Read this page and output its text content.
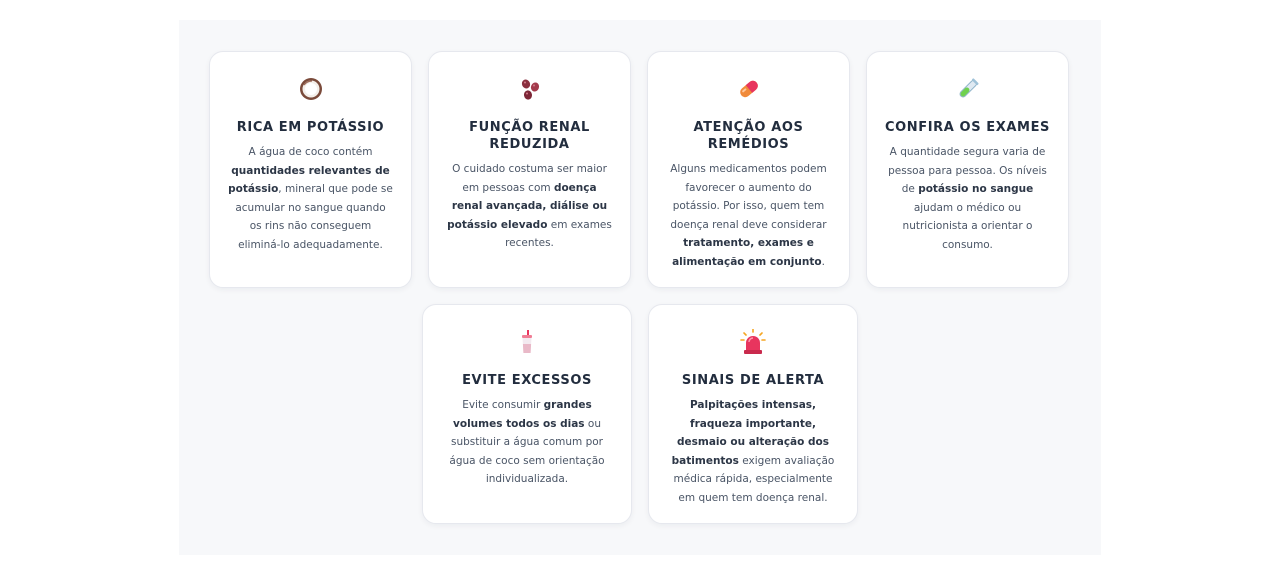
RICA EM POTÁSSIO
A água de coco contém quantidades relevantes de potássio, mineral que pode se acumular no sangue quando os rins não conseguem eliminá-lo adequadamente.
FUNÇÃO RENAL REDUZIDA
O cuidado costuma ser maior em pessoas com doença renal avançada, diálise ou potássio elevado em exames recentes.
ATENÇÃO AOS REMÉDIOS
Alguns medicamentos podem favorecer o aumento do potássio. Por isso, quem tem doença renal deve considerar tratamento, exames e alimentação em conjunto.
CONFIRA OS EXAMES
A quantidade segura varia de pessoa para pessoa. Os níveis de potássio no sangue ajudam o médico ou nutricionista a orientar o consumo.
EVITE EXCESSOS
Evite consumir grandes volumes todos os dias ou substituir a água comum por água de coco sem orientação individualizada.
SINAIS DE ALERTA
Palpitações intensas, fraqueza importante, desmaio ou alteração dos batimentos exigem avaliação médica rápida, especialmente em quem tem doença renal.
